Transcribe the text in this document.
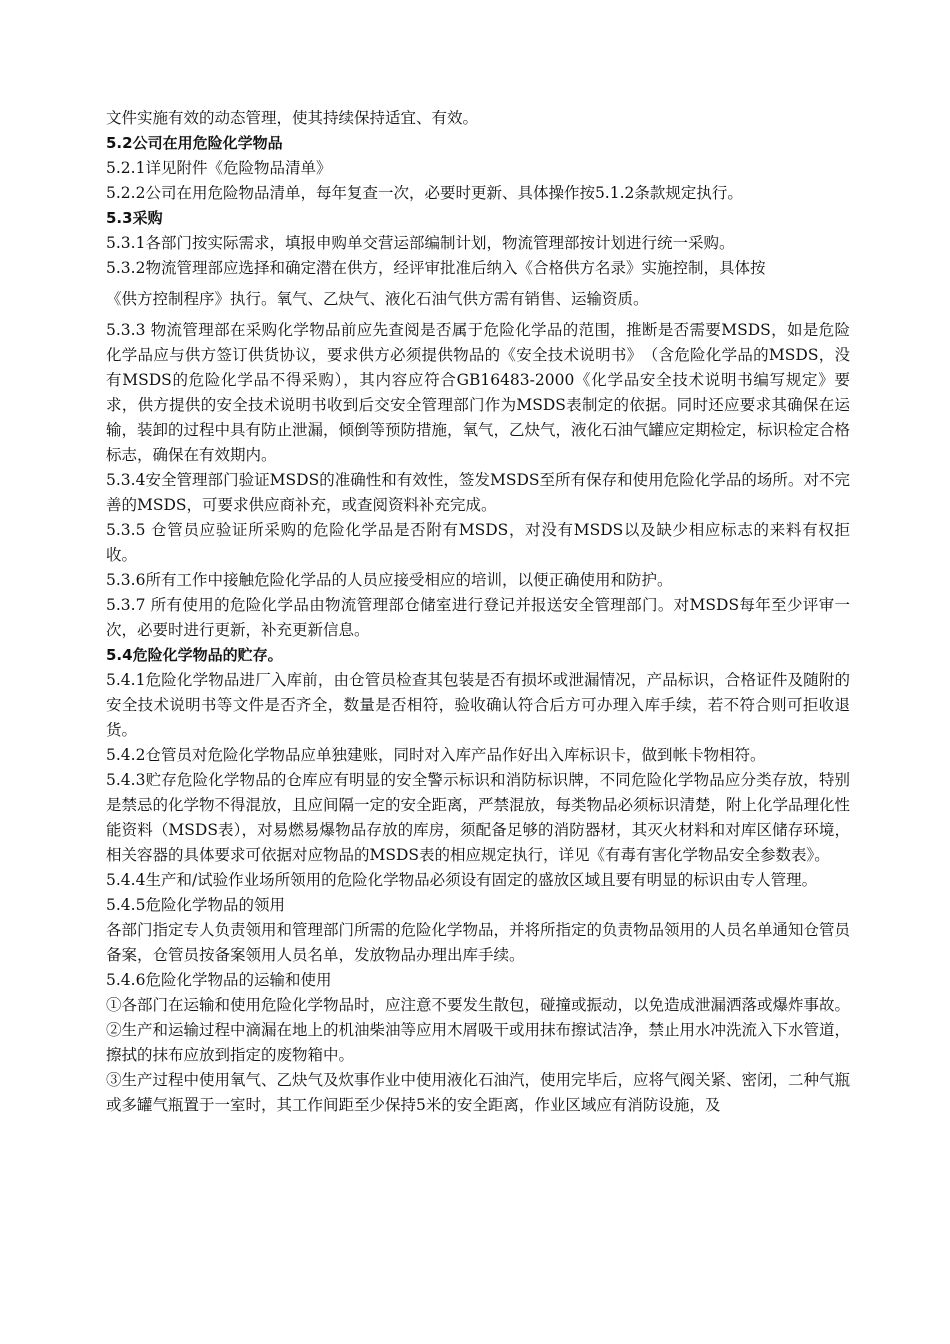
文件实施有效的动态管理，使其持续保持适宜、有效。

5.2公司在用危险化学物品

5.2.1详见附件《危险物品清单》

5.2.2公司在用危险物品清单，每年复查一次，必要时更新、具体操作按5.1.2条款规定执行。

5.3采购

5.3.1各部门按实际需求，填报申购单交营运部编制计划，物流管理部按计划进行统一采购。

5.3.2物流管理部应选择和确定潜在供方，经评审批准后纳入《合格供方名录》实施控制，具体按

《供方控制程序》执行。氧气、乙炔气、液化石油气供方需有销售、运输资质。

5.3.3 物流管理部在采购化学物品前应先查阅是否属于危险化学品的范围，推断是否需要MSDS，如是危险化学品应与供方签订供货协议，要求供方必须提供物品的《安全技术说明书》　（含危险化学品的MSDS，没有MSDS的危险化学品不得采购），其内容应符合GB16483-2000《化学品安全技术说明书编写规定》要求，供方提供的安全技术说明书收到后交安全管理部门作为MSDS表制定的依据。同时还应要求其确保在运输，装卸的过程中具有防止泄漏，倾倒等预防措施，氧气，乙炔气，液化石油气罐应定期检定，标识检定合格标志，确保在有效期内。

5.3.4安全管理部门验证MSDS的准确性和有效性，签发MSDS至所有保存和使用危险化学品的场所。对不完善的MSDS，可要求供应商补充，或查阅资料补充完成。

5.3.5 仓管员应验证所采购的危险化学品是否附有MSDS，对没有MSDS以及缺少相应标志的来料有权拒收。

5.3.6所有工作中接触危险化学品的人员应接受相应的培训，以便正确使用和防护。

5.3.7 所有使用的危险化学品由物流管理部仓储室进行登记并报送安全管理部门。对MSDS每年至少评审一次，必要时进行更新，补充更新信息。

5.4危险化学物品的贮存。

5.4.1危险化学物品进厂入库前，由仓管员检查其包装是否有损坏或泄漏情况，产品标识，合格证件及随附的安全技术说明书等文件是否齐全，数量是否相符，验收确认符合后方可办理入库手续，若不符合则可拒收退货。

5.4.2仓管员对危险化学物品应单独建账，同时对入库产品作好出入库标识卡，做到帐卡物相符。

5.4.3贮存危险化学物品的仓库应有明显的安全警示标识和消防标识牌，不同危险化学物品应分类存放，特别是禁忌的化学物不得混放，且应间隔一定的安全距离，严禁混放，每类物品必须标识清楚，附上化学品理化性能资料（MSDS表），对易燃易爆物品存放的库房，须配备足够的消防器材，其灭火材料和对库区储存环境，相关容器的具体要求可依据对应物品的MSDS表的相应规定执行，详见《有毒有害化学物品安全参数表》。

5.4.4生产和/试验作业场所领用的危险化学物品必须设有固定的盛放区域且要有明显的标识由专人管理。

5.4.5危险化学物品的领用

各部门指定专人负责领用和管理部门所需的危险化学物品，并将所指定的负责物品领用的人员名单通知仓管员备案，仓管员按备案领用人员名单，发放物品办理出库手续。

5.4.6危险化学物品的运输和使用

①各部门在运输和使用危险化学物品时，应注意不要发生散包，碰撞或振动，以免造成泄漏洒落或爆炸事故。

②生产和运输过程中滴漏在地上的机油柴油等应用木屑吸干或用抹布擦试洁净，禁止用水冲洗流入下水管道，擦拭的抹布应放到指定的废物箱中。

③生产过程中使用氧气、乙炔气及炊事作业中使用液化石油汽，使用完毕后，应将气阀关紧、密闭，二种气瓶或多罐气瓶置于一室时，其工作间距至少保持5米的安全距离，作业区域应有消防设施，及
